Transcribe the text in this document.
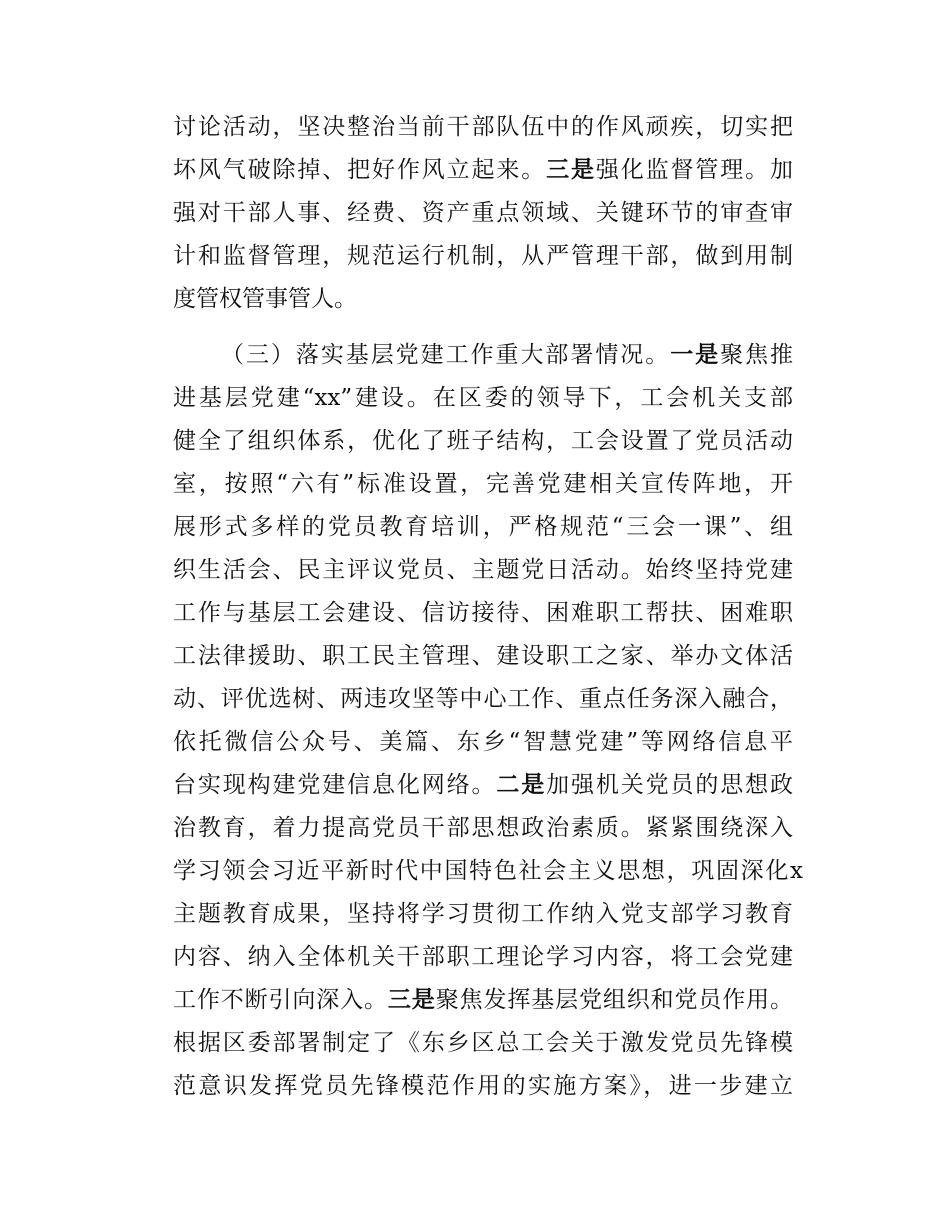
讨论活动，坚决整治当前干部队伍中的作风顽疾，切实把
坏风气破除掉、把好作风立起来。三是强化监督管理。加
强对干部人事、经费、资产重点领域、关键环节的审查审
计和监督管理，规范运行机制，从严管理干部，做到用制
度管权管事管人。
（三）落实基层党建工作重大部署情况。一是聚焦推
进基层党建“xx”建设。在区委的领导下，工会机关支部
健全了组织体系，优化了班子结构，工会设置了党员活动
室，按照“六有”标准设置，完善党建相关宣传阵地，开
展形式多样的党员教育培训，严格规范“三会一课”、组
织生活会、民主评议党员、主题党日活动。始终坚持党建
工作与基层工会建设、信访接待、困难职工帮扶、困难职
工法律援助、职工民主管理、建设职工之家、举办文体活
动、评优选树、两违攻坚等中心工作、重点任务深入融合，
依托微信公众号、美篇、东乡“智慧党建”等网络信息平
台实现构建党建信息化网络。二是加强机关党员的思想政
治教育，着力提高党员干部思想政治素质。紧紧围绕深入
学习领会习近平新时代中国特色社会主义思想，巩固深化x
主题教育成果，坚持将学习贯彻工作纳入党支部学习教育
内容、纳入全体机关干部职工理论学习内容，将工会党建
工作不断引向深入。三是聚焦发挥基层党组织和党员作用。
根据区委部署制定了《东乡区总工会关于激发党员先锋模
范意识发挥党员先锋模范作用的实施方案》，进一步建立
